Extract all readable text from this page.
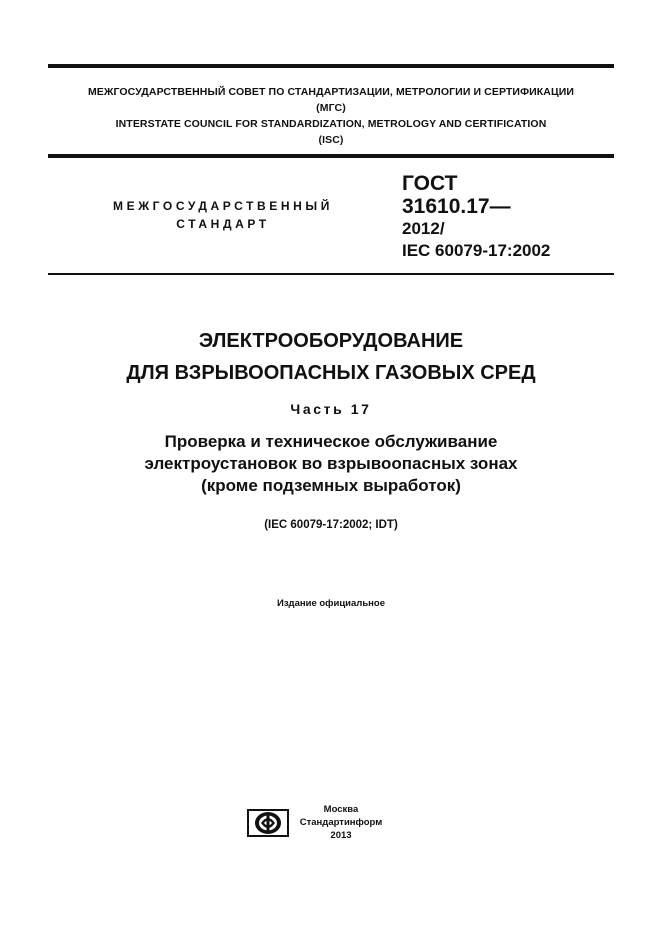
МЕЖГОСУДАРСТВЕННЫЙ СОВЕТ ПО СТАНДАРТИЗАЦИИ, МЕТРОЛОГИИ И СЕРТИФИКАЦИИ
(МГС)
INTERSTATE COUNCIL FOR STANDARDIZATION, METROLOGY AND CERTIFICATION
(ISC)
МЕЖГОСУДАРСТВЕННЫЙ
СТАНДАРТ
ГОСТ
31610.17—
2012/
IEC 60079-17:2002
ЭЛЕКТРООБОРУДОВАНИЕ
ДЛЯ ВЗРЫВООПАСНЫХ ГАЗОВЫХ СРЕД
Часть 17
Проверка и техническое обслуживание
электроустановок во взрывоопасных зонах
(кроме подземных выработок)
(IEC 60079-17:2002; IDT)
Издание официальное
Москва
Стандартинформ
2013
